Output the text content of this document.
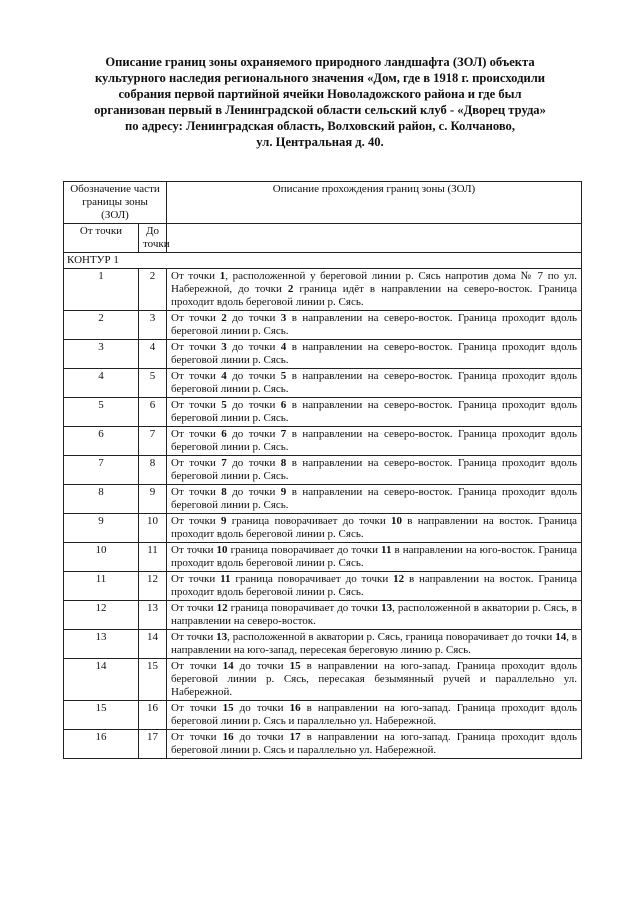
Описание границ зоны охраняемого природного ландшафта (ЗОЛ) объекта
культурного наследия регионального значения «Дом, где в 1918 г. происходили
собрания первой партийной ячейки Новоладожского района и где был
организован первый в Ленинградской области сельский клуб - «Дворец труда»
по адресу: Ленинградская область, Волховский район, с. Колчаново,
ул. Центральная д. 40.
Обозначение части границы зоны (ЗОЛ)		Описание прохождения границ зоны (ЗОЛ)
От точки	До точки	
КОНТУР 1		
1	2	От точки 1, расположенной у береговой линии р. Сясь напротив дома № 7 по ул. Набережной, до точки 2 граница идёт в направлении на северо-восток. Граница проходит вдоль береговой линии р. Сясь.
2	3	От точки 2 до точки 3 в направлении на северо-восток. Граница проходит вдоль береговой линии р. Сясь.
3	4	От точки 3 до точки 4 в направлении на северо-восток. Граница проходит вдоль береговой линии р. Сясь.
4	5	От точки 4 до точки 5 в направлении на северо-восток. Граница проходит вдоль береговой линии р. Сясь.
5	6	От точки 5 до точки 6 в направлении на северо-восток. Граница проходит вдоль береговой линии р. Сясь.
6	7	От точки 6 до точки 7 в направлении на северо-восток. Граница проходит вдоль береговой линии р. Сясь.
7	8	От точки 7 до точки 8 в направлении на северо-восток. Граница проходит вдоль береговой линии р. Сясь.
8	9	От точки 8 до точки 9 в направлении на северо-восток. Граница проходит вдоль береговой линии р. Сясь.
9	10	От точки 9 граница поворачивает до точки 10 в направлении на восток. Граница проходит вдоль береговой линии р. Сясь.
10	11	От точки 10 граница поворачивает до точки 11 в направлении на юго-восток. Граница проходит вдоль береговой линии р. Сясь.
11	12	От точки 11 граница поворачивает до точки 12 в направлении на восток. Граница проходит вдоль береговой линии р. Сясь.
12	13	От точки 12 граница поворачивает до точки 13, расположенной в акватории р. Сясь, в направлении на северо-восток.
13	14	От точки 13, расположенной в акватории р. Сясь, граница поворачивает до точки 14, в направлении на юго-запад, пересекая береговую линию р. Сясь.
14	15	От точки 14 до точки 15 в направлении на юго-запад. Граница проходит вдоль береговой линии р. Сясь, пересакая безымянный ручей и параллельно ул. Набережной.
15	16	От точки 15 до точки 16 в направлении на юго-запад. Граница проходит вдоль береговой линии р. Сясь и параллельно ул. Набережной.
16	17	От точки 16 до точки 17 в направлении на юго-запад. Граница проходит вдоль береговой линии р. Сясь и параллельно ул. Набережной.
